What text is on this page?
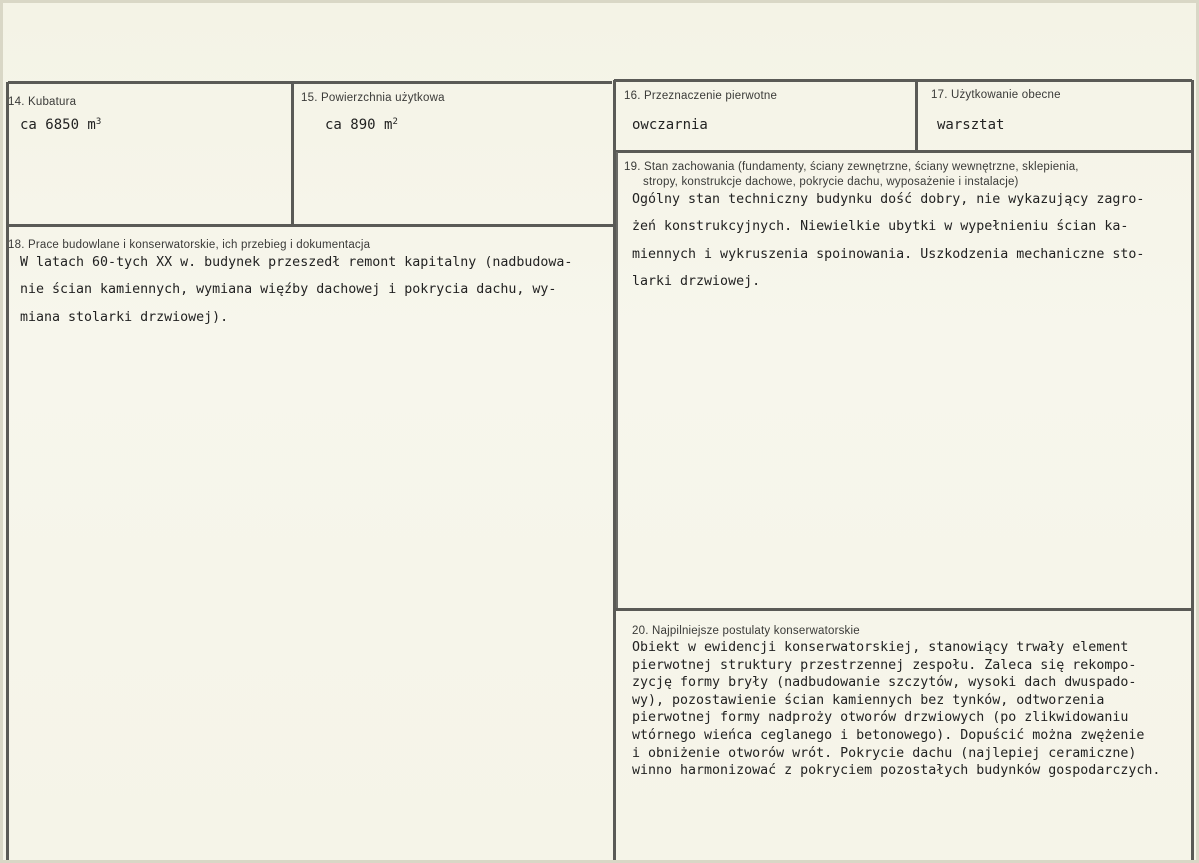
14. Kubatura
ca 6850 $m^3$
15. Powierzchnia użytkowa
ca 890 $m^2$
16. Przeznaczenie pierwotne
owczarnia
17. Użytkowanie obecne
warsztat
19. Stan zachowania (fundamenty, ściany zewnętrzne, ściany wewnętrzne, sklepienia,
stropy, konstrukcje dachowe, pokrycie dachu, wyposażenie i instalacje)
Ogólny stan techniczny budynku dość dobry, nie wykazujący zagro-
żeń konstrukcyjnych. Niewielkie ubytki w wypełnieniu ścian ka-
miennych i wykruszenia spoinowania. Uszkodzenia mechaniczne sto-
larki drzwiowej.
18. Prace budowlane i konserwatorskie, ich przebieg i dokumentacja
W latach 60-tych XX w. budynek przeszedł remont kapitalny (nadbudowa-
nie ścian kamiennych, wymiana więźby dachowej i pokrycia dachu, wy-
miana stolarki drzwiowej).
20. Najpilniejsze postulaty konserwatorskie
Obiekt w ewidencji konserwatorskiej, stanowiący trwały element
pierwotnej struktury przestrzennej zespołu. Zaleca się rekompo-
zycję formy bryły (nadbudowanie szczytów, wysoki dach dwuspado-
wy), pozostawienie ścian kamiennych bez tynków, odtworzenia
pierwotnej formy nadproży otworów drzwiowych (po zlikwidowaniu
wtórnego wieńca ceglanego i betonowego). Dopuścić można zwężenie
i obniżenie otworów wrót. Pokrycie dachu (najlepiej ceramiczne)
winno harmonizować z pokryciem pozostałych budynków gospodarczych.
